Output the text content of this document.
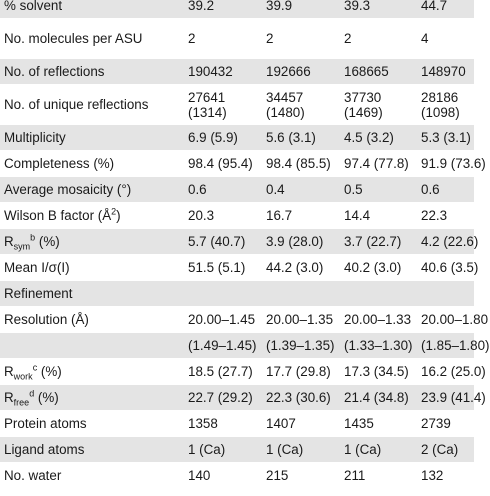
% solvent	39.2	39.9	39.3	44.7
No. molecules per ASU	2	2	2	4
No. of reflections	190432	192666	168665	148970
No. of unique reflections	27641 (1314)	34457 (1480)	37730 (1469)	28186 (1098)
Multiplicity	6.9 (5.9)	5.6 (3.1)	4.5 (3.2)	5.3 (3.1)
Completeness (%)	98.4 (95.4)	98.4 (85.5)	97.4 (77.8)	91.9 (73.6)
Average mosaicity (°)	0.6	0.4	0.5	0.6
Wilson B factor $(Å^2)$	20.3	16.7	14.4	22.3
$R_{sym}^b$ (%)	5.7 (40.7)	3.9 (28.0)	3.7 (22.7)	4.2 (22.6)
Mean I/σ(I)	51.5 (5.1)	44.2 (3.0)	40.2 (3.0)	40.6 (3.5)
Refinement				
Resolution (Å)	20.00–1.45	20.00–1.35	20.00–1.33	20.00–1.80
	(1.49–1.45)	(1.39–1.35)	(1.33–1.30)	(1.85–1.80)
$R_{work}^c$ (%)	18.5 (27.7)	17.7 (29.8)	17.3 (34.5)	16.2 (25.0)
$R_{free}^d$ (%)	22.7 (29.2)	22.3 (30.6)	21.4 (34.8)	23.9 (41.4)
Protein atoms	1358	1407	1435	2739
Ligand atoms	1 (Ca)	1 (Ca)	1 (Ca)	2 (Ca)
No. water	140	215	211	132
